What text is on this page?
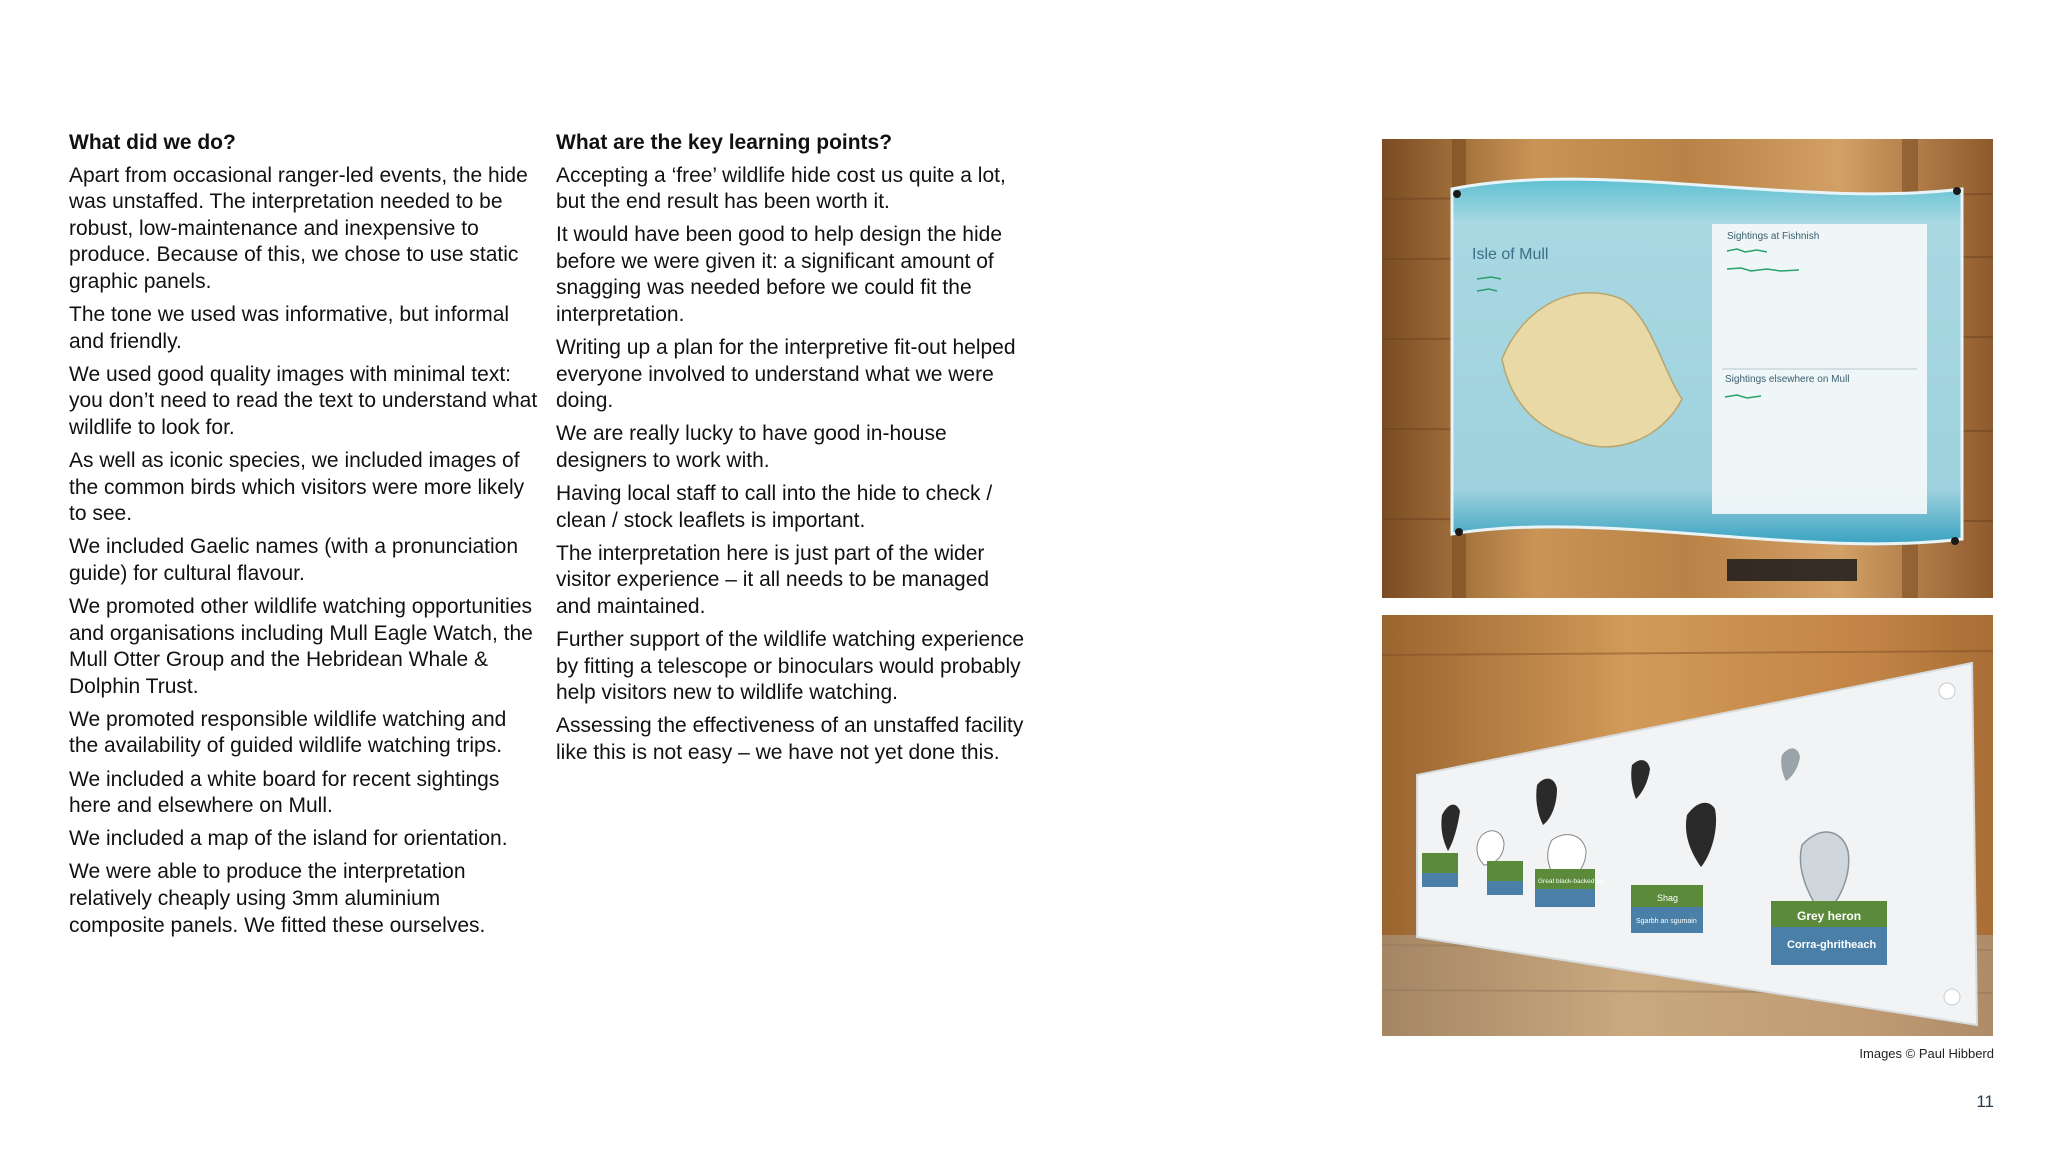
What did we do?

Apart from occasional ranger-led events, the hide was unstaffed. The interpretation needed to be robust, low-maintenance and inexpensive to produce. Because of this, we chose to use static graphic panels.

The tone we used was informative, but informal and friendly.

We used good quality images with minimal text: you don’t need to read the text to understand what wildlife to look for.

As well as iconic species, we included images of the common birds which visitors were more likely to see.

We included Gaelic names (with a pronunciation guide) for cultural flavour.

We promoted other wildlife watching opportunities and organisations including Mull Eagle Watch, the Mull Otter Group and the Hebridean Whale & Dolphin Trust.

We promoted responsible wildlife watching and the availability of guided wildlife watching trips.

We included a white board for recent sightings here and elsewhere on Mull.

We included a map of the island for orientation.

We were able to produce the interpretation relatively cheaply using 3mm aluminium composite panels. We fitted these ourselves.

What are the key learning points?

Accepting a ‘free’ wildlife hide cost us quite a lot, but the end result has been worth it.

It would have been good to help design the hide before we were given it: a significant amount of snagging was needed before we could fit the interpretation.

Writing up a plan for the interpretive fit-out helped everyone involved to understand what we were doing.

We are really lucky to have good in-house designers to work with.

Having local staff to call into the hide to check / clean / stock leaflets is important.

The interpretation here is just part of the wider visitor experience – it all needs to be managed and maintained.

Further support of the wildlife watching experience by fitting a telescope or binoculars would probably help visitors new to wildlife watching.

Assessing the effectiveness of an unstaffed facility like this is not easy – we have not yet done this.

Isle of Mull
Sightings at Fishnish
Sightings elsewhere on Mull
Great black-backed gull
Shag
Sgarbh an sgumain	Grey heron
Corra-ghritheach
Images © Paul Hibberd
11
